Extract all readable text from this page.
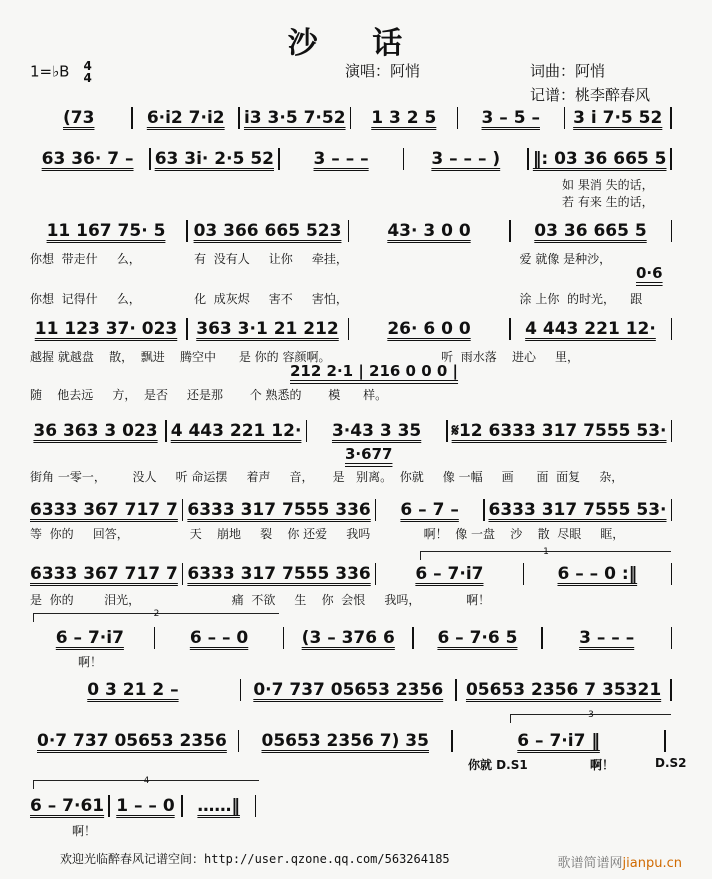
沙 话
1=♭B 4
4	演唱：阿悄	词曲：阿悄
记谱：桃李醉春风
(73	6·i2 7·i2	i3 3·5 7·52	1 3 2 5	3 – 5 –	3 i 7·5 52
63 36· 7 –	63 3i· 2·5 52	3 – – –	3 – – – )	‖: 03 36 665 5
11 167 75· 5	03 366 665 523	43· 3 0 0	03 36 665 5
11 123 37· 023 363 3·1 21 212	26· 6 0 0	4 443 221 12·
36 363 3 023 4 443 221 12·	3·43 3 35	𝄋12 6333 317 7555 53·
6333 367 717 7 6333 317 7555 336	6 – 7 –	6333 317 7555 53·
6333 367 717 7 6333 317 7555 336	6 – 7·i7	6 – – 0 :‖
6 – 7·i7	6 – – 0	(3 – 376 6	6 – 7·6 5	3 – – –
0 3 21 2 –	0·7 737 05653 2356	05653 2356 7 35321
0·7 737 05653 2356	05653 2356 7) 35	6 – 7·i7 ‖
6 – 7·61 1 – – 0	……‖
如 果消 失的话，
若 有来 生的话，
你想  带走什     么，              有  没有人     让你     牵挂，                                             爱 就像 是种沙，
0·6
你想  记得什     么，              化  成灰烬     害不     害怕，                                             涂 上你  的时光，    跟
越握 就越盘    散，  飘进    腾空中      是 你的 容颜啊。                             听  雨水落    进心     里，
212 2·1 | 216 0 0 0 |
随    他去远     方，  是否     还是那       个 熟悉的       模      样。
3·677
街角 一零一，       没人     听 命运摆     着声     音，     是   别离。  你就     像 一幅     画      面  面复     杂，
等  你的     回答，                天    崩地     裂    你 还爱     我吗              啊！  像 一盘    沙    散  尽眼     眶，
是  你的        泪光，                        痛  不欲     生    你  会恨     我吗，            啊！
啊！
你就 D.S1	啊！	D.S2
啊！
1
2
3
4
欢迎光临醉春风记谱空间：http://user.qzone.qq.com/563264185	歌谱简谱网jianpu.cn
